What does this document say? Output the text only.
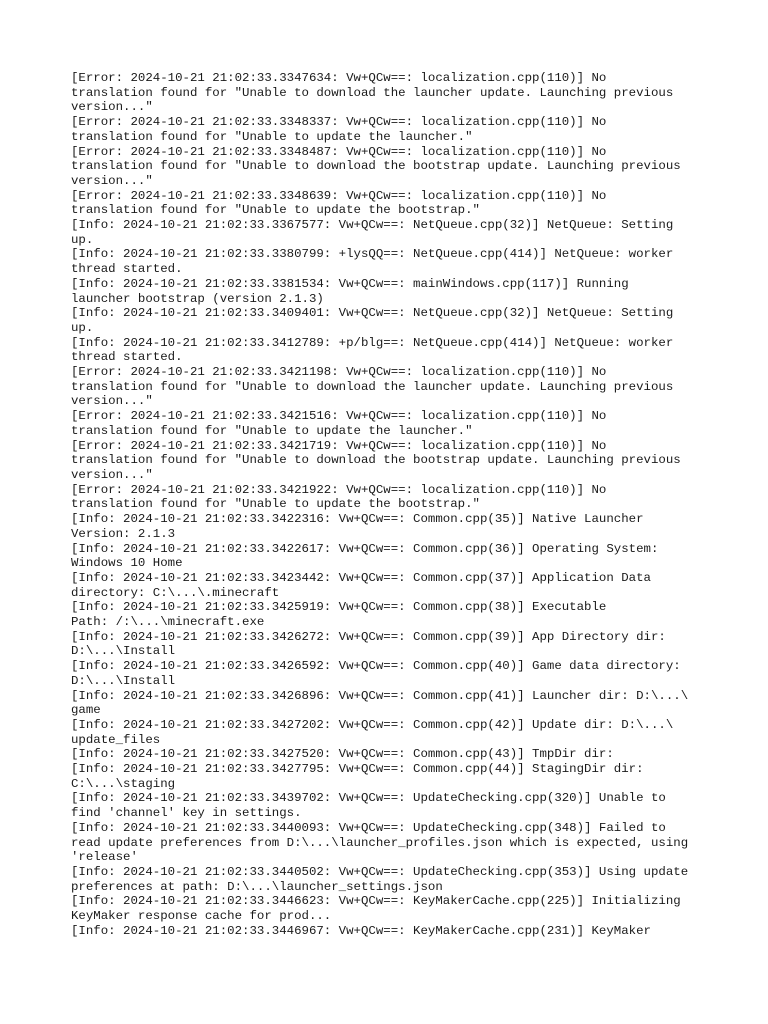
[Error: 2024-10-21 21:02:33.3347634: Vw+QCw==: localization.cpp(110)] No
translation found for "Unable to download the launcher update. Launching previous
version..."
[Error: 2024-10-21 21:02:33.3348337: Vw+QCw==: localization.cpp(110)] No
translation found for "Unable to update the launcher."
[Error: 2024-10-21 21:02:33.3348487: Vw+QCw==: localization.cpp(110)] No
translation found for "Unable to download the bootstrap update. Launching previous
version..."
[Error: 2024-10-21 21:02:33.3348639: Vw+QCw==: localization.cpp(110)] No
translation found for "Unable to update the bootstrap."
[Info: 2024-10-21 21:02:33.3367577: Vw+QCw==: NetQueue.cpp(32)] NetQueue: Setting
up.
[Info: 2024-10-21 21:02:33.3380799: +lysQQ==: NetQueue.cpp(414)] NetQueue: worker
thread started.
[Info: 2024-10-21 21:02:33.3381534: Vw+QCw==: mainWindows.cpp(117)] Running
launcher bootstrap (version 2.1.3)
[Info: 2024-10-21 21:02:33.3409401: Vw+QCw==: NetQueue.cpp(32)] NetQueue: Setting
up.
[Info: 2024-10-21 21:02:33.3412789: +p/blg==: NetQueue.cpp(414)] NetQueue: worker
thread started.
[Error: 2024-10-21 21:02:33.3421198: Vw+QCw==: localization.cpp(110)] No
translation found for "Unable to download the launcher update. Launching previous
version..."
[Error: 2024-10-21 21:02:33.3421516: Vw+QCw==: localization.cpp(110)] No
translation found for "Unable to update the launcher."
[Error: 2024-10-21 21:02:33.3421719: Vw+QCw==: localization.cpp(110)] No
translation found for "Unable to download the bootstrap update. Launching previous
version..."
[Error: 2024-10-21 21:02:33.3421922: Vw+QCw==: localization.cpp(110)] No
translation found for "Unable to update the bootstrap."
[Info: 2024-10-21 21:02:33.3422316: Vw+QCw==: Common.cpp(35)] Native Launcher
Version: 2.1.3
[Info: 2024-10-21 21:02:33.3422617: Vw+QCw==: Common.cpp(36)] Operating System:
Windows 10 Home
[Info: 2024-10-21 21:02:33.3423442: Vw+QCw==: Common.cpp(37)] Application Data
directory: C:\...\.minecraft
[Info: 2024-10-21 21:02:33.3425919: Vw+QCw==: Common.cpp(38)] Executable
Path: /:\...\minecraft.exe
[Info: 2024-10-21 21:02:33.3426272: Vw+QCw==: Common.cpp(39)] App Directory dir:
D:\...\Install
[Info: 2024-10-21 21:02:33.3426592: Vw+QCw==: Common.cpp(40)] Game data directory:
D:\...\Install
[Info: 2024-10-21 21:02:33.3426896: Vw+QCw==: Common.cpp(41)] Launcher dir: D:\...\
game
[Info: 2024-10-21 21:02:33.3427202: Vw+QCw==: Common.cpp(42)] Update dir: D:\...\
update_files
[Info: 2024-10-21 21:02:33.3427520: Vw+QCw==: Common.cpp(43)] TmpDir dir:
[Info: 2024-10-21 21:02:33.3427795: Vw+QCw==: Common.cpp(44)] StagingDir dir:
C:\...\staging
[Info: 2024-10-21 21:02:33.3439702: Vw+QCw==: UpdateChecking.cpp(320)] Unable to
find 'channel' key in settings.
[Info: 2024-10-21 21:02:33.3440093: Vw+QCw==: UpdateChecking.cpp(348)] Failed to
read update preferences from D:\...\launcher_profiles.json which is expected, using
'release'
[Info: 2024-10-21 21:02:33.3440502: Vw+QCw==: UpdateChecking.cpp(353)] Using update
preferences at path: D:\...\launcher_settings.json
[Info: 2024-10-21 21:02:33.3446623: Vw+QCw==: KeyMakerCache.cpp(225)] Initializing
KeyMaker response cache for prod...
[Info: 2024-10-21 21:02:33.3446967: Vw+QCw==: KeyMakerCache.cpp(231)] KeyMaker
